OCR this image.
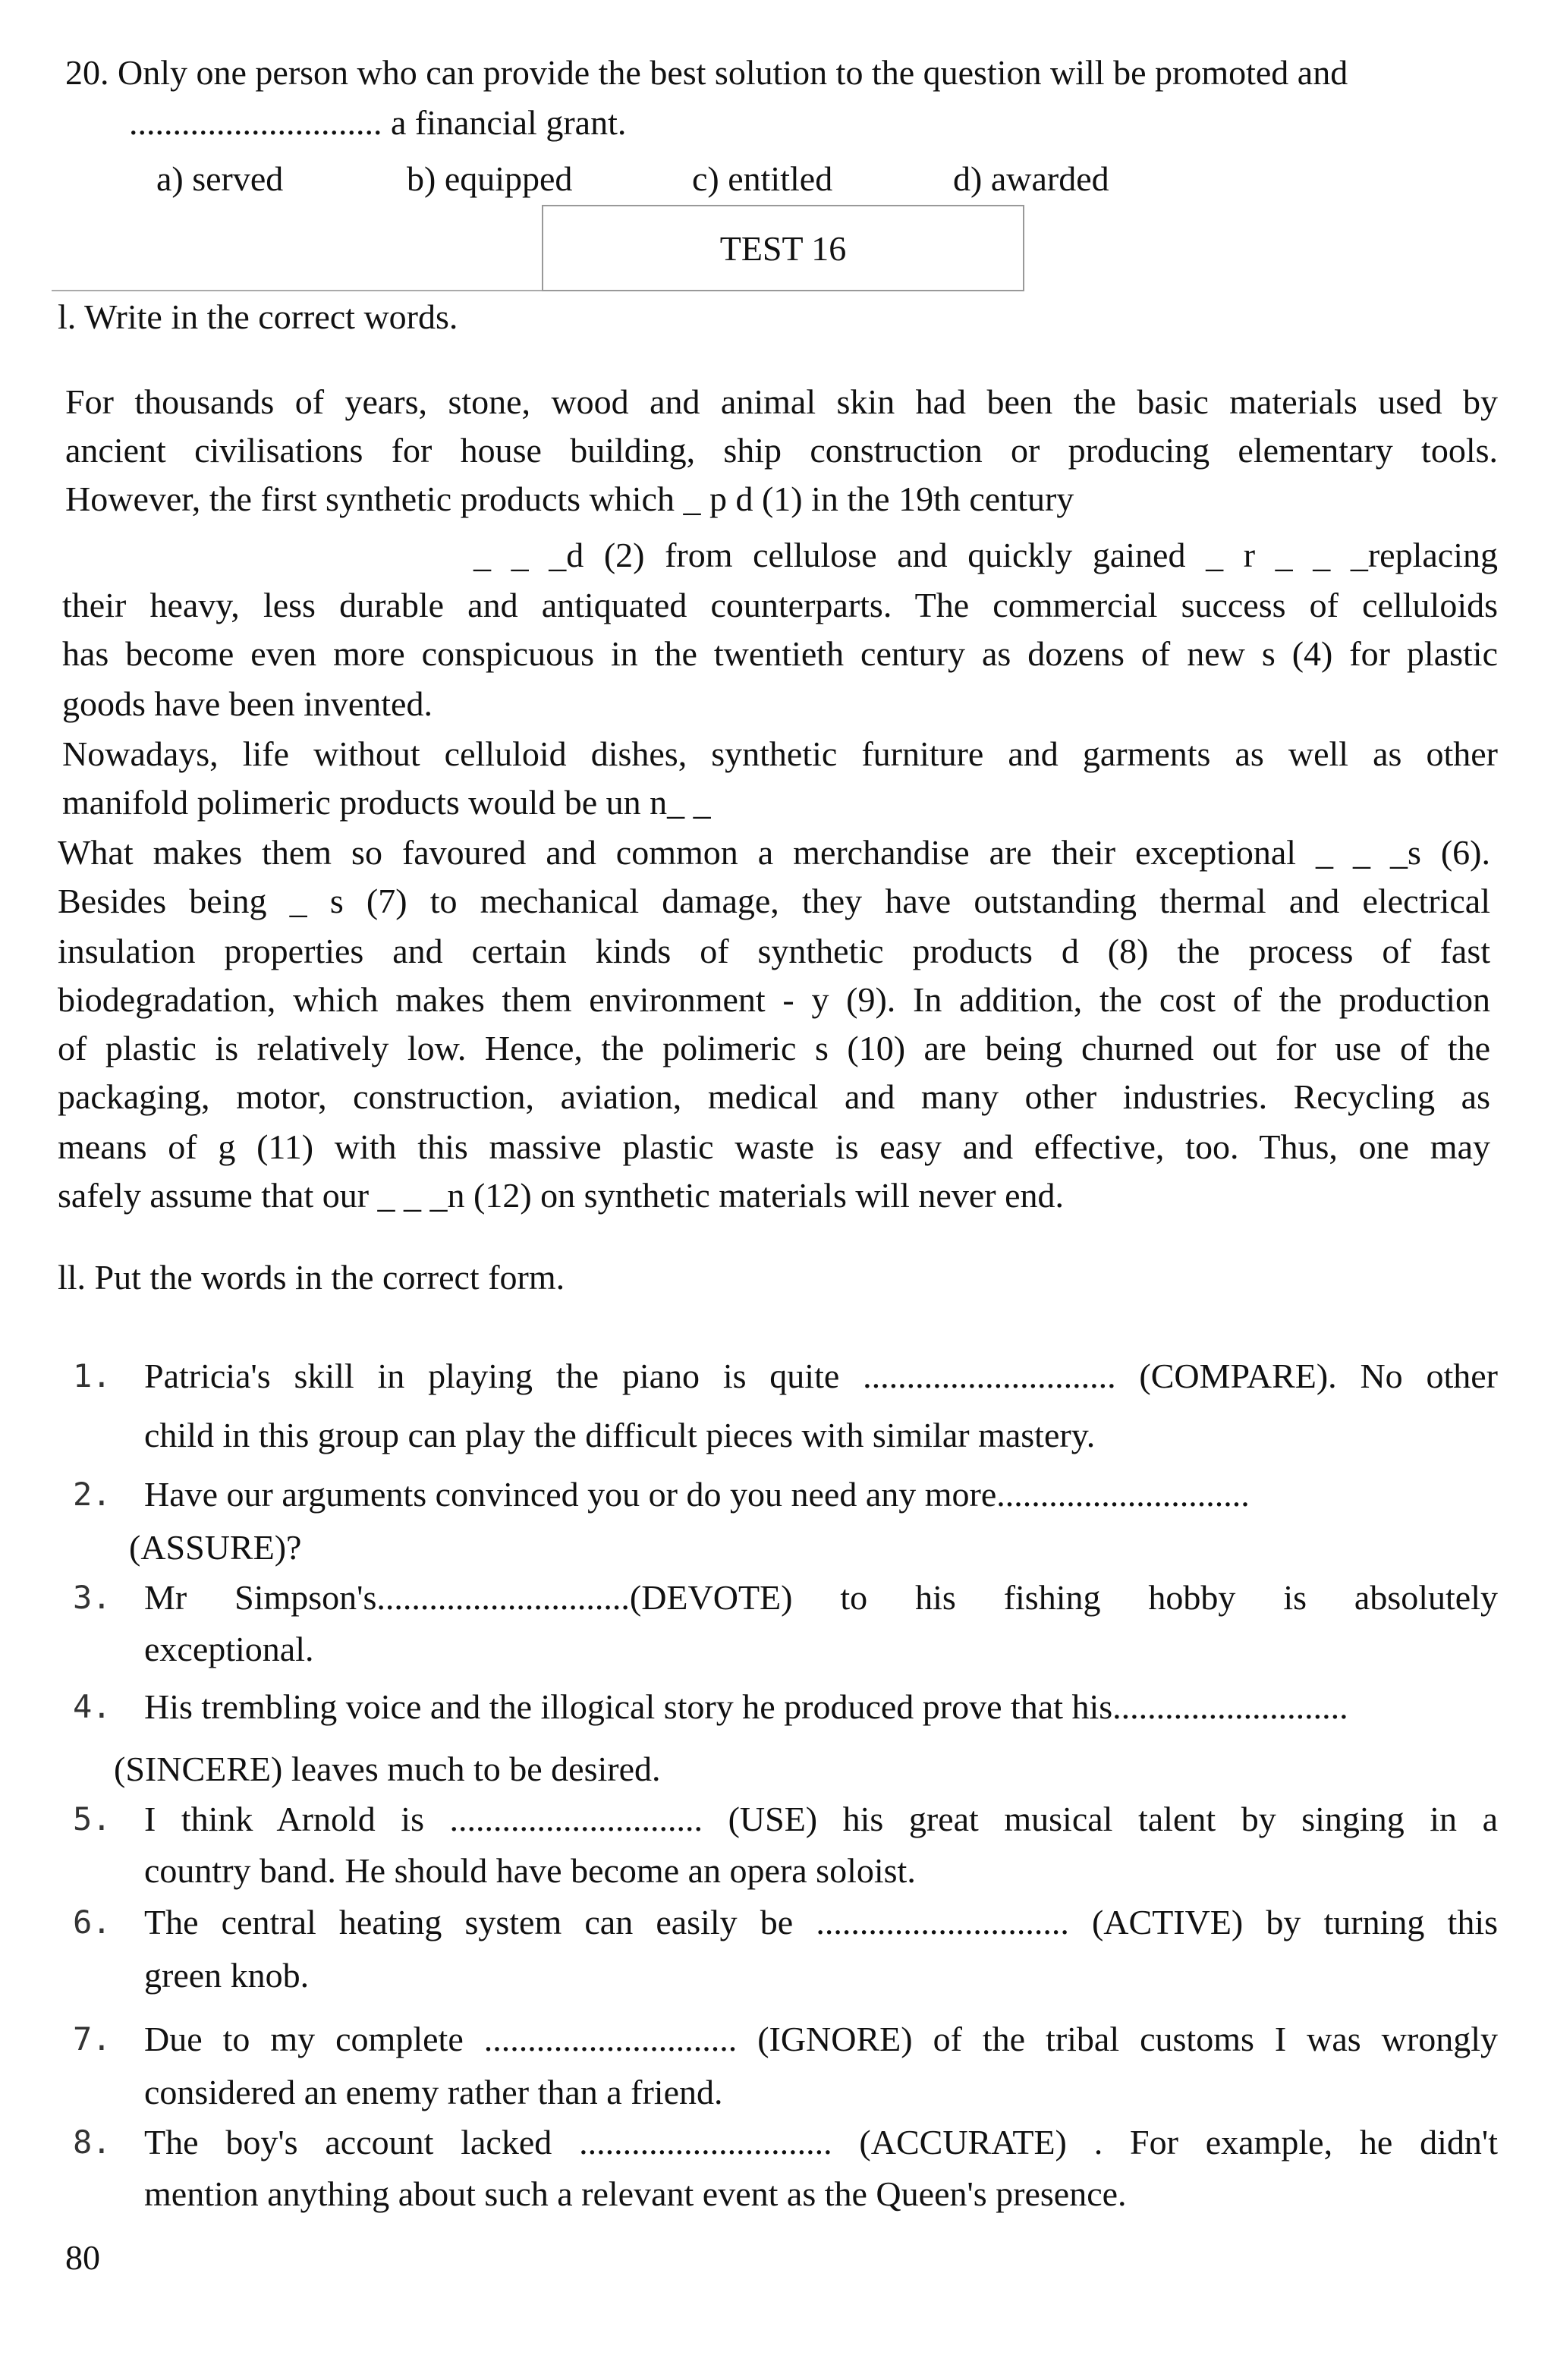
20. Only one person who can provide the best solution to the question will be promoted and
............................. a financial grant.
a) served	b) equipped	c) entitled	d) awarded
TEST 16
l. Write in the correct words.
For thousands of years, stone, wood and animal skin had been the basic materials used by
ancient civilisations for house building, ship construction or producing elementary tools.
However, the first synthetic products which _ p d (1) in the 19th century
_ _ _d (2) from cellulose and quickly gained _ r _ _ _replacing
their heavy, less durable and antiquated counterparts. The commercial success of celluloids
has become even more conspicuous in the twentieth century as dozens of new s (4) for plastic
goods have been invented.
Nowadays, life without celluloid dishes, synthetic furniture and garments as well as other
manifold polimeric products would be un n_ _
What makes them so favoured and common a merchandise are their exceptional _ _ _s (6).
Besides being _ s (7) to mechanical damage, they have outstanding thermal and electrical
insulation properties and certain kinds of synthetic products d (8) the process of fast
biodegradation, which makes them environment - y (9). In addition, the cost of the production
of plastic is relatively low. Hence, the polimeric s (10) are being churned out for use of the
packaging, motor, construction, aviation, medical and many other industries. Recycling as
means of g (11) with this massive plastic waste is easy and effective, too. Thus, one may
safely assume that our _ _ _n (12) on synthetic materials will never end.
ll. Put the words in the correct form.
1. Patricia's skill in playing the piano is quite ............................. (COMPARE). No other
child in this group can play the difficult pieces with similar mastery.
2. Have our arguments convinced you or do you need any more.............................
(ASSURE)?
3. Mr Simpson's.............................(DEVOTE) to his fishing hobby is absolutely
exceptional.
4. His trembling voice and the illogical story he produced prove that his...........................
(SINCERE) leaves much to be desired.
5. I think Arnold is ............................. (USE) his great musical talent by singing in a
country band. He should have become an opera soloist.
6. The central heating system can easily be ............................. (ACTIVE) by turning this
green knob.
7. Due to my complete ............................. (IGNORE) of the tribal customs I was wrongly
considered an enemy rather than a friend.
8. The boy's account lacked ............................. (ACCURATE) . For example, he didn't
mention anything about such a relevant event as the Queen's presence.
80
